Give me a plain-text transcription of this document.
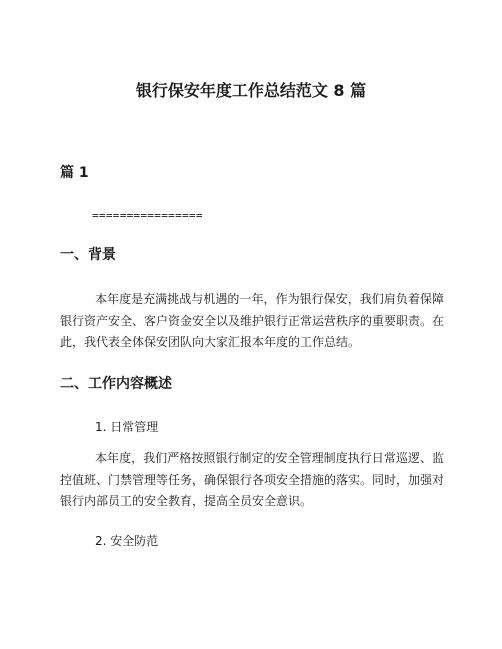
银行保安年度工作总结范文 8 篇
篇 1
================
一、背景

本年度是充满挑战与机遇的一年，作为银行保安，我们肩负着保障银行资产安全、客户资金安全以及维护银行正常运营秩序的重要职责。在此，我代表全体保安团队向大家汇报本年度的工作总结。

二、工作内容概述
1. 日常管理

本年度，我们严格按照银行制定的安全管理制度执行日常巡逻、监控值班、门禁管理等任务，确保银行各项安全措施的落实。同时，加强对银行内部员工的安全教育，提高全员安全意识。

2. 安全防范
